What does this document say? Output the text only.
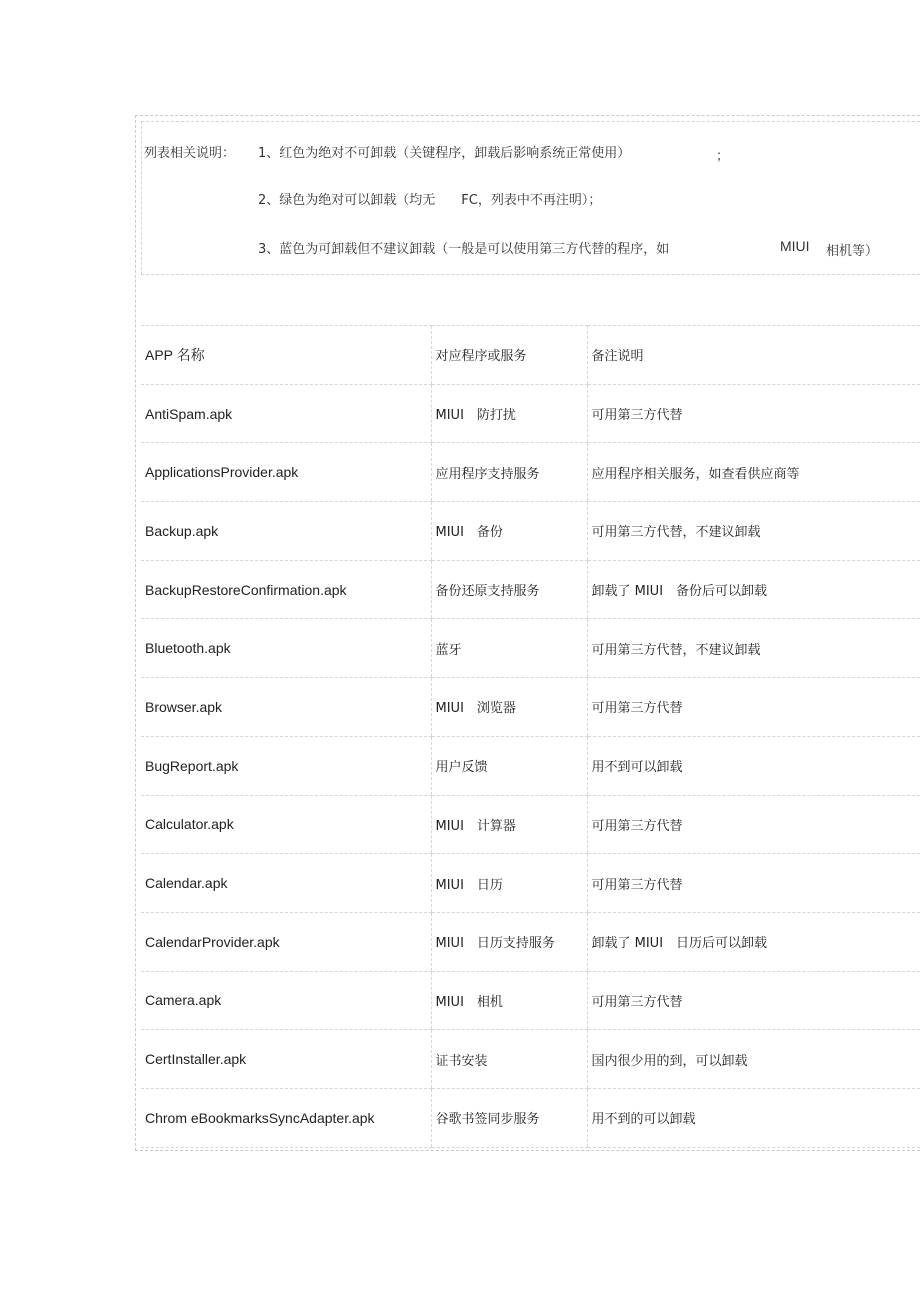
列表相关说明： 1、红色为绝对不可卸载（关键程序，卸载后影响系统正常使用）	；
2、绿色为绝对可以卸载（均无　　FC，列表中不再注明）；
3、蓝色为可卸载但不建议卸载（一般是可以使用第三方代替的程序，如	MIUI 相机等）
APP 名称	对应程序或服务	备注说明
AntiSpam.apk	MIUI　防打扰	可用第三方代替
ApplicationsProvider.apk	应用程序支持服务	应用程序相关服务，如查看供应商等
Backup.apk	MIUI　备份	可用第三方代替，不建议卸载
BackupRestoreConfirmation.apk	备份还原支持服务	卸载了 MIUI　备份后可以卸载
Bluetooth.apk	蓝牙	可用第三方代替，不建议卸载
Browser.apk	MIUI　浏览器	可用第三方代替
BugReport.apk	用户反馈	用不到可以卸载
Calculator.apk	MIUI　计算器	可用第三方代替
Calendar.apk	MIUI　日历	可用第三方代替
CalendarProvider.apk	MIUI　日历支持服务	卸载了 MIUI　日历后可以卸载
Camera.apk	MIUI　相机	可用第三方代替
CertInstaller.apk	证书安装	国内很少用的到，可以卸载
Chrom eBookmarksSyncAdapter.apk	谷歌书签同步服务	用不到的可以卸载
